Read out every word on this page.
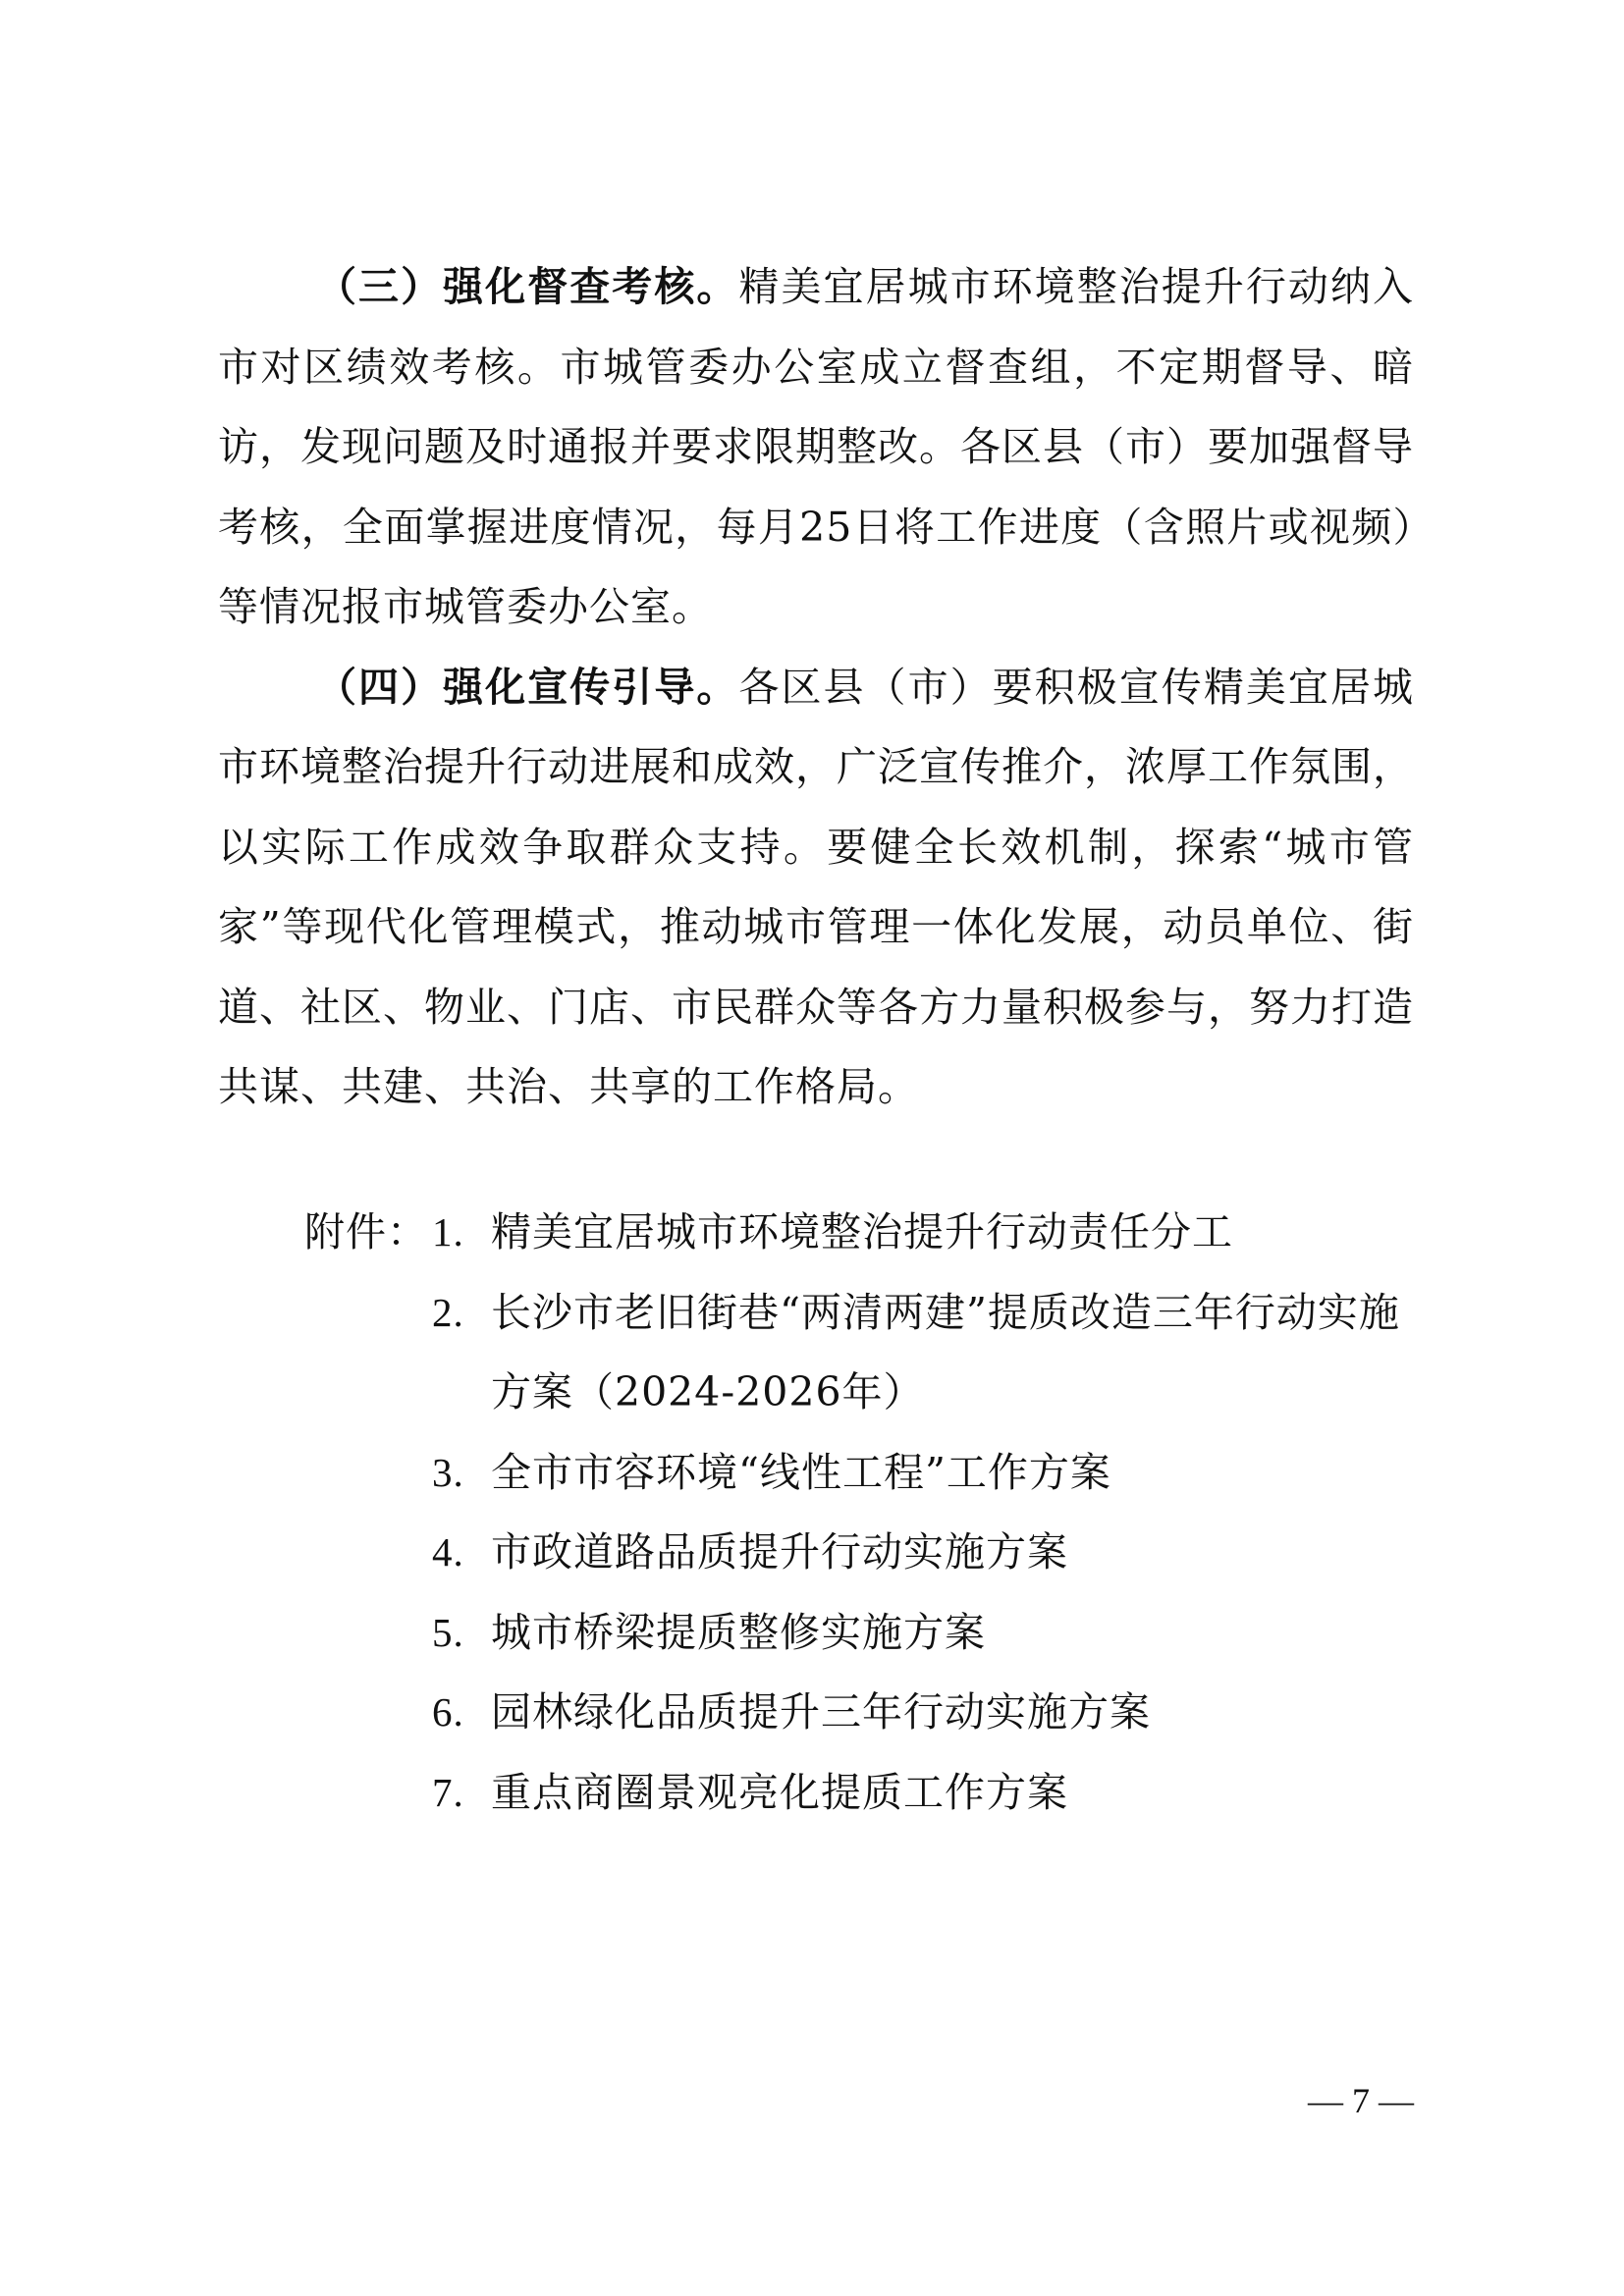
（三）强化督查考核。精美宜居城市环境整治提升行动纳入市对区绩效考核。市城管委办公室成立督查组，不定期督导、暗访，发现问题及时通报并要求限期整改。各区县（市）要加强督导考核，全面掌握进度情况，每月25日将工作进度（含照片或视频）等情况报市城管委办公室。

（四）强化宣传引导。各区县（市）要积极宣传精美宜居城市环境整治提升行动进展和成效，广泛宣传推介，浓厚工作氛围，以实际工作成效争取群众支持。要健全长效机制，探索“城市管家”等现代化管理模式，推动城市管理一体化发展，动员单位、街道、社区、物业、门店、市民群众等各方力量积极参与，努力打造共谋、共建、共治、共享的工作格局。

附件： 1. 精美宜居城市环境整治提升行动责任分工
2. 长沙市老旧街巷“两清两建”提质改造三年行动实施方案（2024-2026年）
3. 全市市容环境“线性工程”工作方案
4. 市政道路品质提升行动实施方案
5. 城市桥梁提质整修实施方案
6. 园林绿化品质提升三年行动实施方案
7. 重点商圈景观亮化提质工作方案
— 7 —
